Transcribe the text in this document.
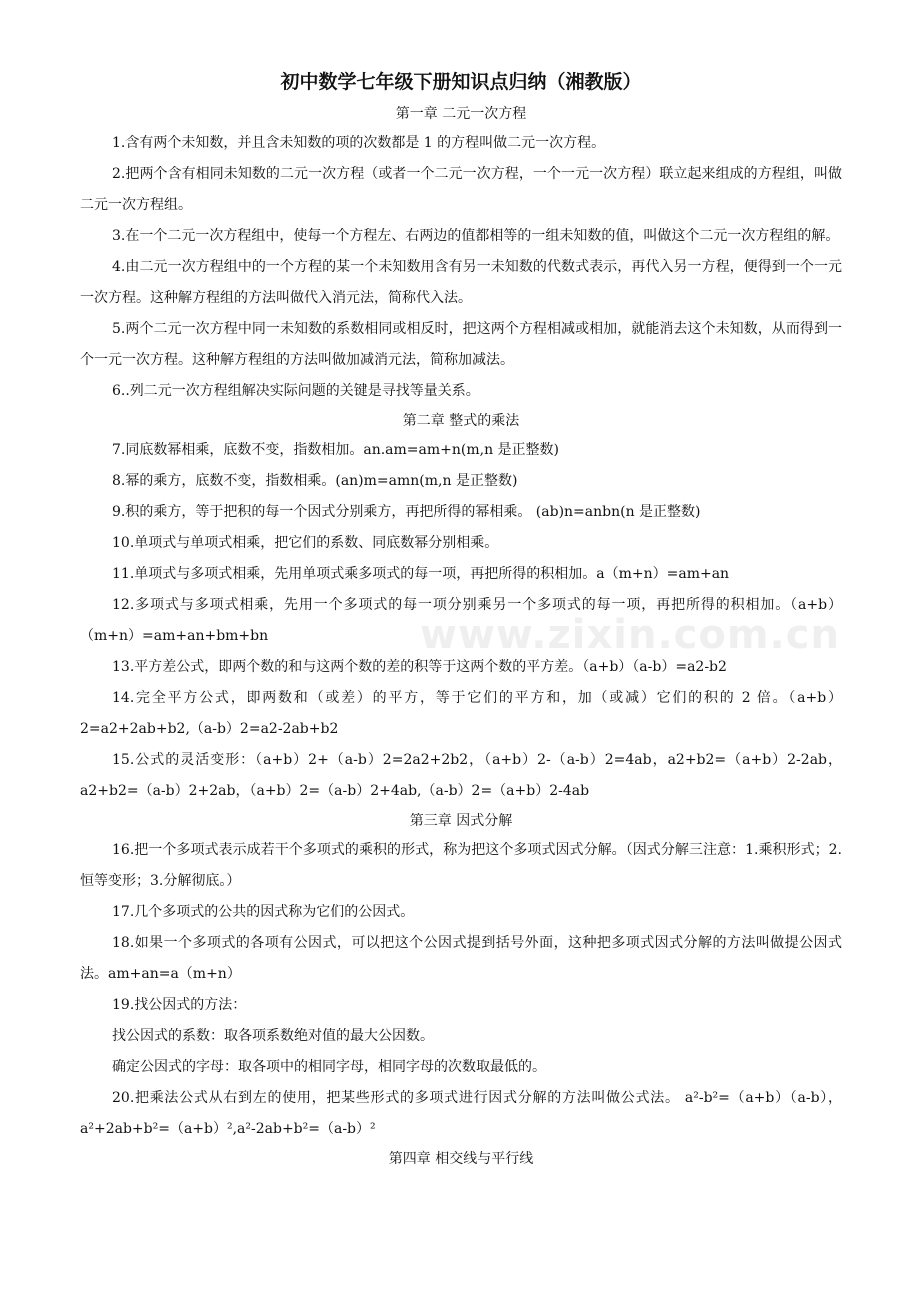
初中数学七年级下册知识点归纳（湘教版）

第一章 二元一次方程

1.含有两个未知数，并且含未知数的项的次数都是 1 的方程叫做二元一次方程。

2.把两个含有相同未知数的二元一次方程（或者一个二元一次方程，一个一元一次方程）联立起来组成的方程组，叫做二元一次方程组。

3.在一个二元一次方程组中，使每一个方程左、右两边的值都相等的一组未知数的值，叫做这个二元一次方程组的解。

4.由二元一次方程组中的一个方程的某一个未知数用含有另一未知数的代数式表示，再代入另一方程，便得到一个一元一次方程。这种解方程组的方法叫做代入消元法，简称代入法。

5.两个二元一次方程中同一未知数的系数相同或相反时，把这两个方程相减或相加，就能消去这个未知数，从而得到一个一元一次方程。这种解方程组的方法叫做加减消元法，简称加减法。

6..列二元一次方程组解决实际问题的关键是寻找等量关系。

第二章 整式的乘法

7.同底数幂相乘，底数不变，指数相加。an.am=am+n(m,n 是正整数)

8.幂的乘方，底数不变，指数相乘。(an)m=amn(m,n 是正整数)

9.积的乘方，等于把积的每一个因式分别乘方，再把所得的幂相乘。 (ab)n=anbn(n 是正整数)

10.单项式与单项式相乘，把它们的系数、同底数幂分别相乘。

11.单项式与多项式相乘，先用单项式乘多项式的每一项，再把所得的积相加。a（m+n）=am+an

12.多项式与多项式相乘，先用一个多项式的每一项分别乘另一个多项式的每一项，再把所得的积相加。（a+b）（m+n）=am+an+bm+bn

13.平方差公式，即两个数的和与这两个数的差的积等于这两个数的平方差。（a+b）（a-b）=a2-b2

14.完全平方公式，即两数和（或差）的平方，等于它们的平方和，加（或减）它们的积的 2 倍。（a+b）2=a2+2ab+b2,（a-b）2=a2-2ab+b2

15.公式的灵活变形：（a+b）2+（a-b）2=2a2+2b2，（a+b）2-（a-b）2=4ab，a2+b2=（a+b）2-2ab， a2+b2=（a-b）2+2ab，（a+b）2=（a-b）2+4ab,（a-b）2=（a+b）2-4ab

第三章 因式分解

16.把一个多项式表示成若干个多项式的乘积的形式，称为把这个多项式因式分解。（因式分解三注意：1.乘积形式；2.恒等变形；3.分解彻底。）

17.几个多项式的公共的因式称为它们的公因式。

18.如果一个多项式的各项有公因式，可以把这个公因式提到括号外面，这种把多项式因式分解的方法叫做提公因式法。am+an=a（m+n）

19.找公因式的方法：

找公因式的系数：取各项系数绝对值的最大公因数。

确定公因式的字母：取各项中的相同字母，相同字母的次数取最低的。

20.把乘法公式从右到左的使用，把某些形式的多项式进行因式分解的方法叫做公式法。 a²-b²=（a+b）（a-b），a²+2ab+b²=（a+b）²,a²-2ab+b²=（a-b）²

第四章 相交线与平行线

www.zixin.com.cn
